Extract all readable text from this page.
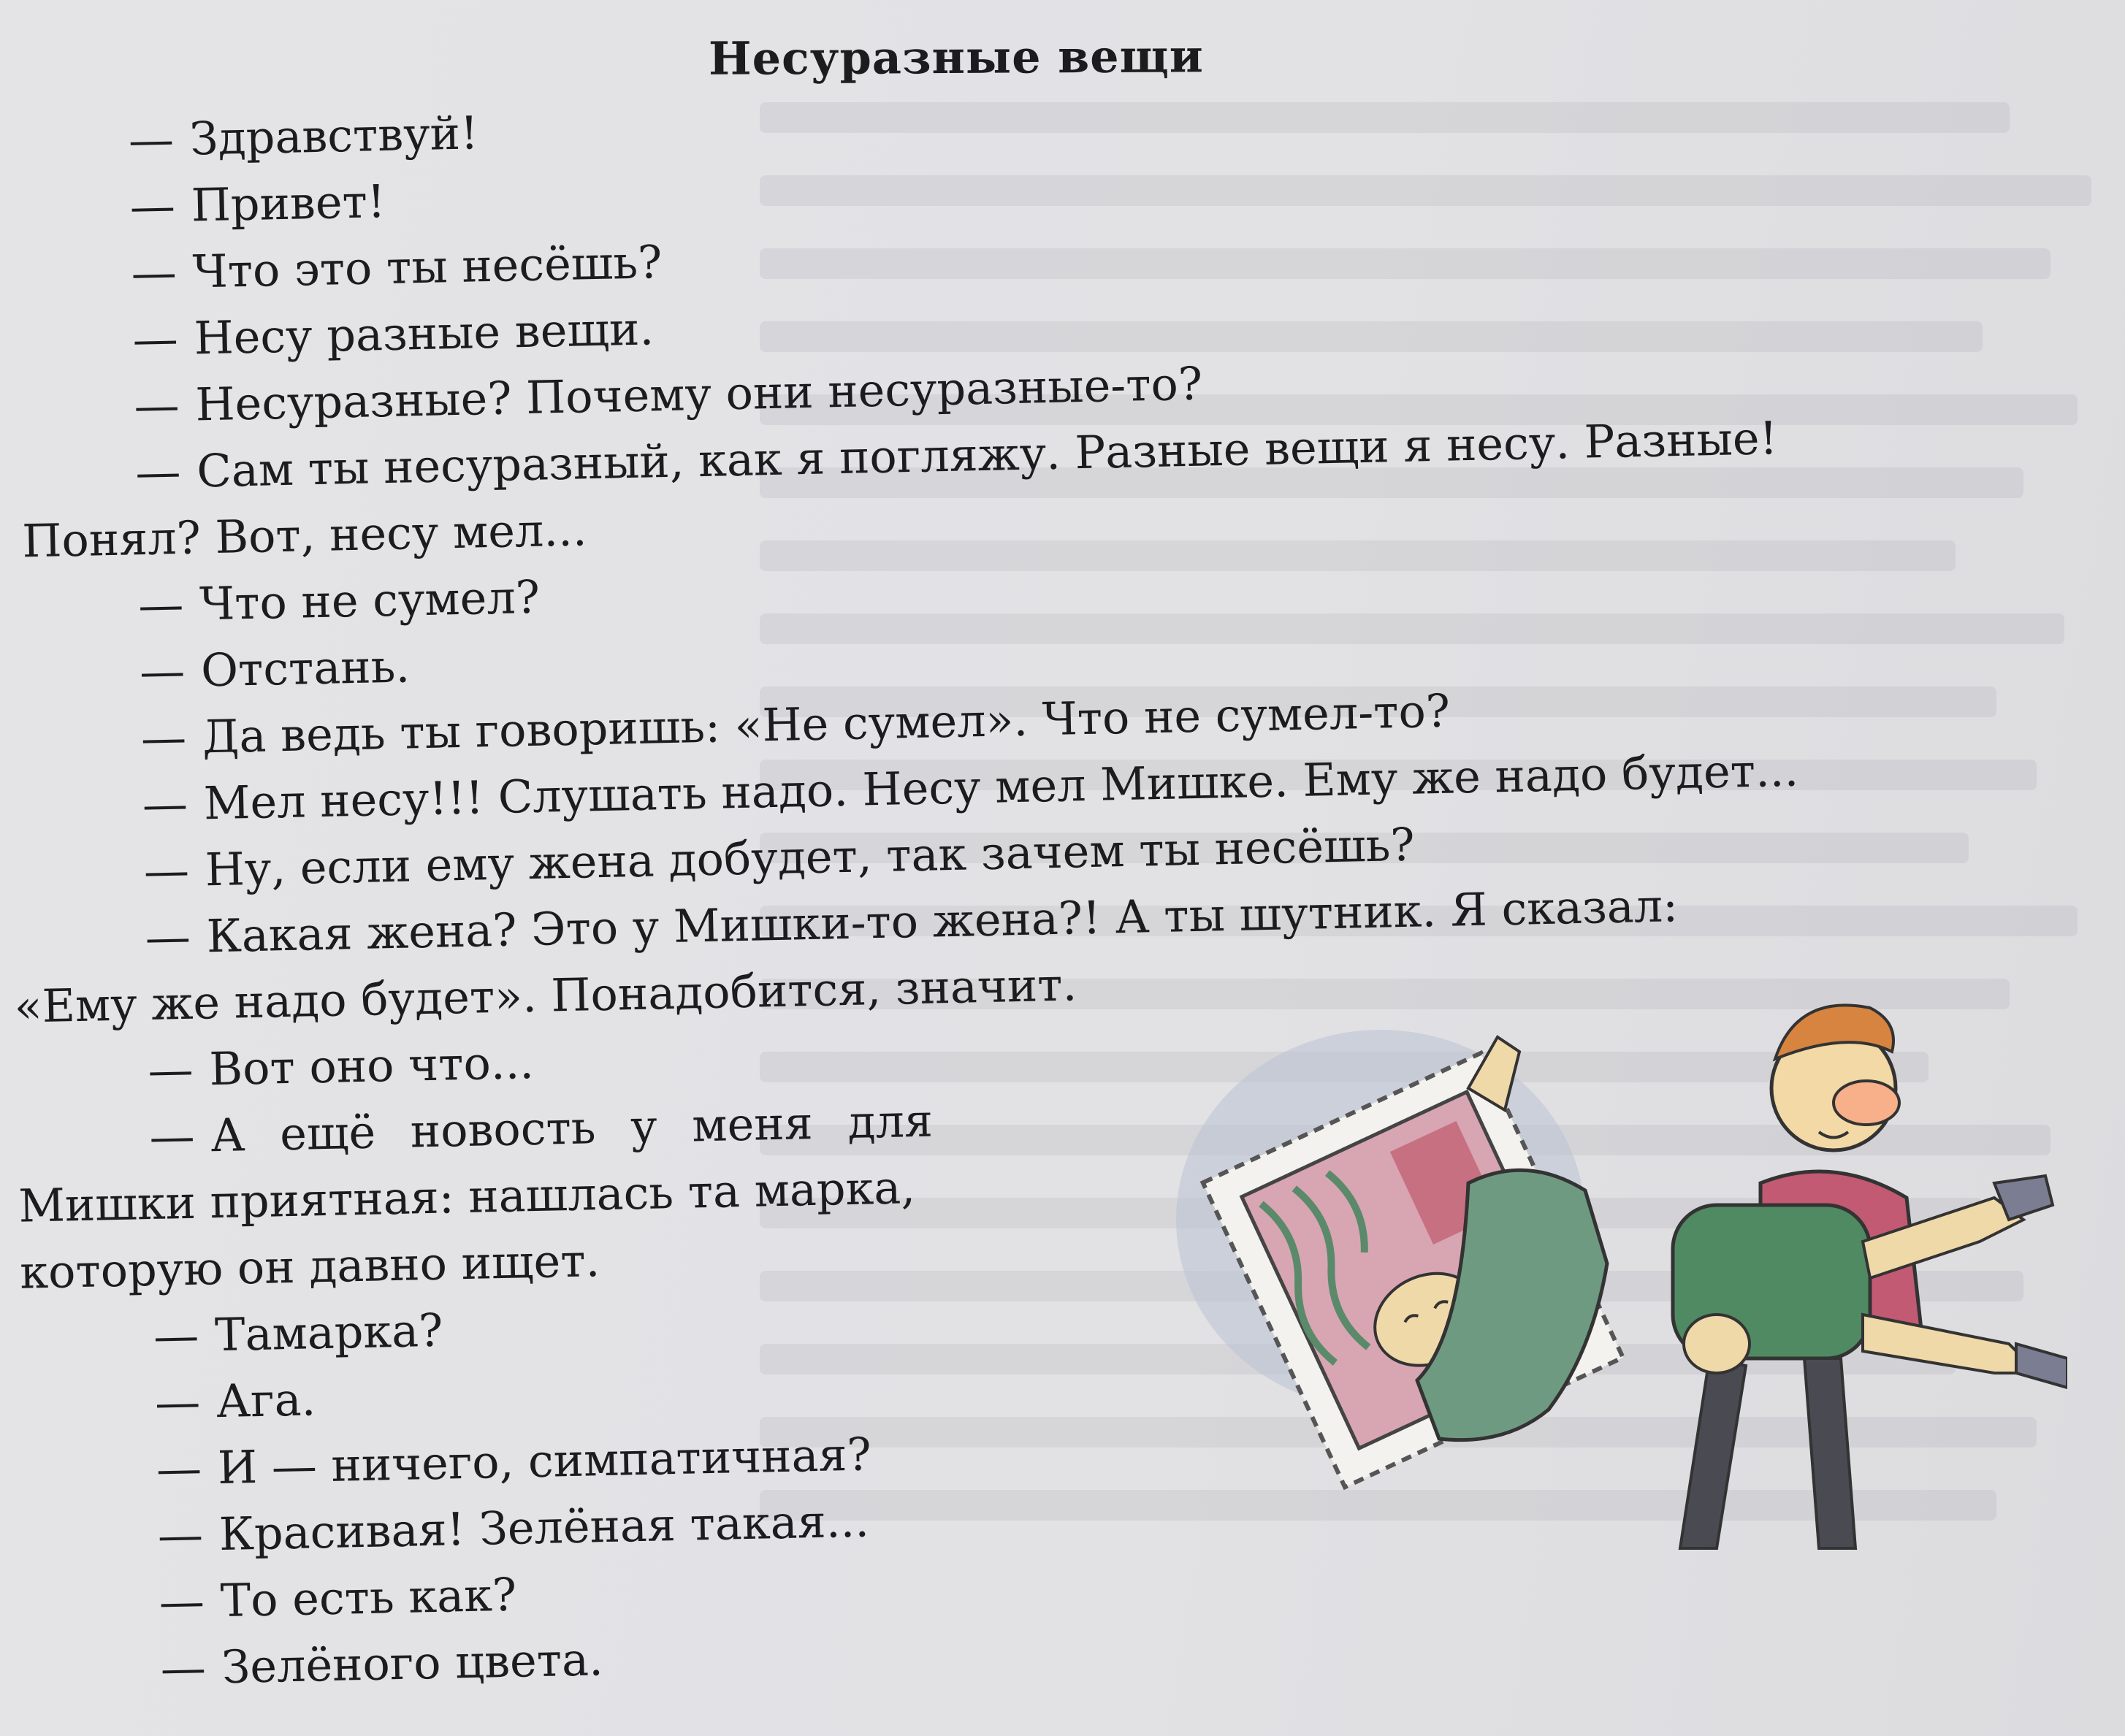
Несуразные вещи
— Здравствуй!
— Привет!
— Что это ты несёшь?
— Несу разные вещи.
— Несуразные? Почему они несуразные-то?
— Сам ты несуразный, как я погляжу. Разные вещи я несу. Разные!
Понял? Вот, несу мел...
— Что не сумел?
— Отстань.
— Да ведь ты говоришь: «Не сумел». Что не сумел-то?
— Мел несу!!! Слушать надо. Несу мел Мишке. Ему же надо будет...
— Ну, если ему жена добудет, так зачем ты несёшь?
— Какая жена? Это у Мишки-то жена?! А ты шутник. Я сказал:
«Ему же надо будет». Понадобится, значит.
— Вот оно что...
— А ещё новость у меня для
Мишки приятная: нашлась та марка,
которую он давно ищет.
— Тамарка?
— Ага.
— И — ничего, симпатичная?
— Красивая! Зелёная такая...
— То есть как?
— Зелёного цвета.
